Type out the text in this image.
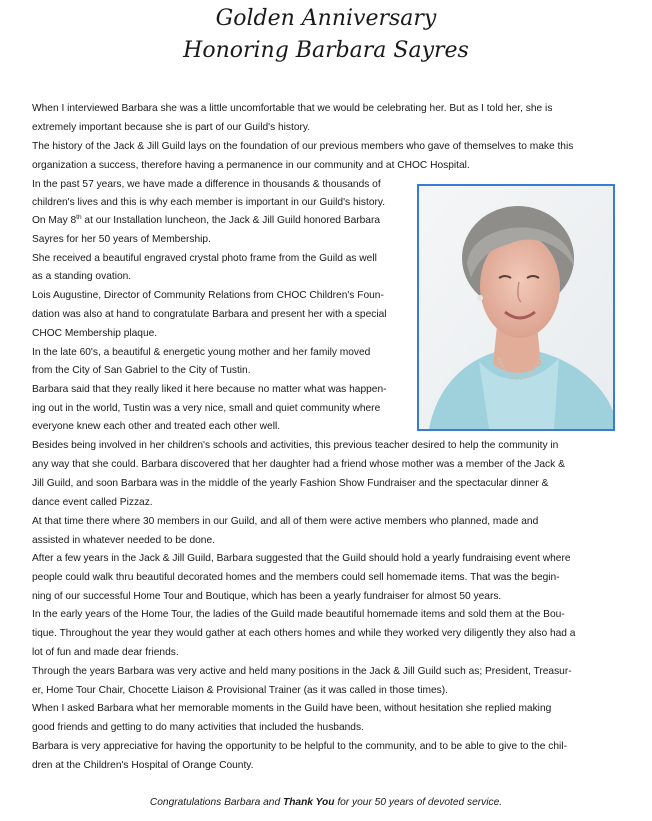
Golden Anniversary
Honoring Barbara Sayres
When I interviewed Barbara she was a little uncomfortable that we would be celebrating her. But as I told her, she is
extremely important because she is part of our Guild's history.
The history of the Jack & Jill Guild lays on the foundation of our previous members who gave of themselves to make this
organization a success, therefore having a permanence in our community and at CHOC Hospital.
In the past 57 years, we have made a difference in thousands & thousands of
children's lives and this is why each member is important in our Guild's history.
On May 8th at our Installation luncheon, the Jack & Jill Guild honored Barbara
Sayres for her 50 years of Membership.
She received a beautiful engraved crystal photo frame from the Guild as well
as a standing ovation.
Lois Augustine, Director of Community Relations from CHOC Children's Foun-
dation was also at hand to congratulate Barbara and present her with a special
CHOC Membership plaque.
In the late 60's, a beautiful & energetic young mother and her family moved
from the City of San Gabriel to the City of Tustin.
Barbara said that they really liked it here because no matter what was happen-
ing out in the world, Tustin was a very nice, small and quiet community where
everyone knew each other and treated each other well.
Besides being involved in her children's schools and activities, this previous teacher desired to help the community in
any way that she could. Barbara discovered that her daughter had a friend whose mother was a member of the Jack &
Jill Guild, and soon Barbara was in the middle of the yearly Fashion Show Fundraiser and the spectacular dinner &
dance event called Pizzaz.
At that time there where 30 members in our Guild, and all of them were active members who planned, made and
assisted in whatever needed to be done.
After a few years in the Jack & Jill Guild, Barbara suggested that the Guild should hold a yearly fundraising event where
people could walk thru beautiful decorated homes and the members could sell homemade items. That was the begin-
ning of our successful Home Tour and Boutique, which has been a yearly fundraiser for almost 50 years.
In the early years of the Home Tour, the ladies of the Guild made beautiful homemade items and sold them at the Bou-
tique. Throughout the year they would gather at each others homes and while they worked very diligently they also had a
lot of fun and made dear friends.
Through the years Barbara was very active and held many positions in the Jack & Jill Guild such as; President, Treasur-
er, Home Tour Chair, Chocette Liaison & Provisional Trainer (as it was called in those times).
When I asked Barbara what her memorable moments in the Guild have been, without hesitation she replied making
good friends and getting to do many activities that included the husbands.
Barbara is very appreciative for having the opportunity to be helpful to the community, and to be able to give to the chil-
dren at the Children's Hospital of Orange County.
Congratulations Barbara and Thank You for your 50 years of devoted service.
